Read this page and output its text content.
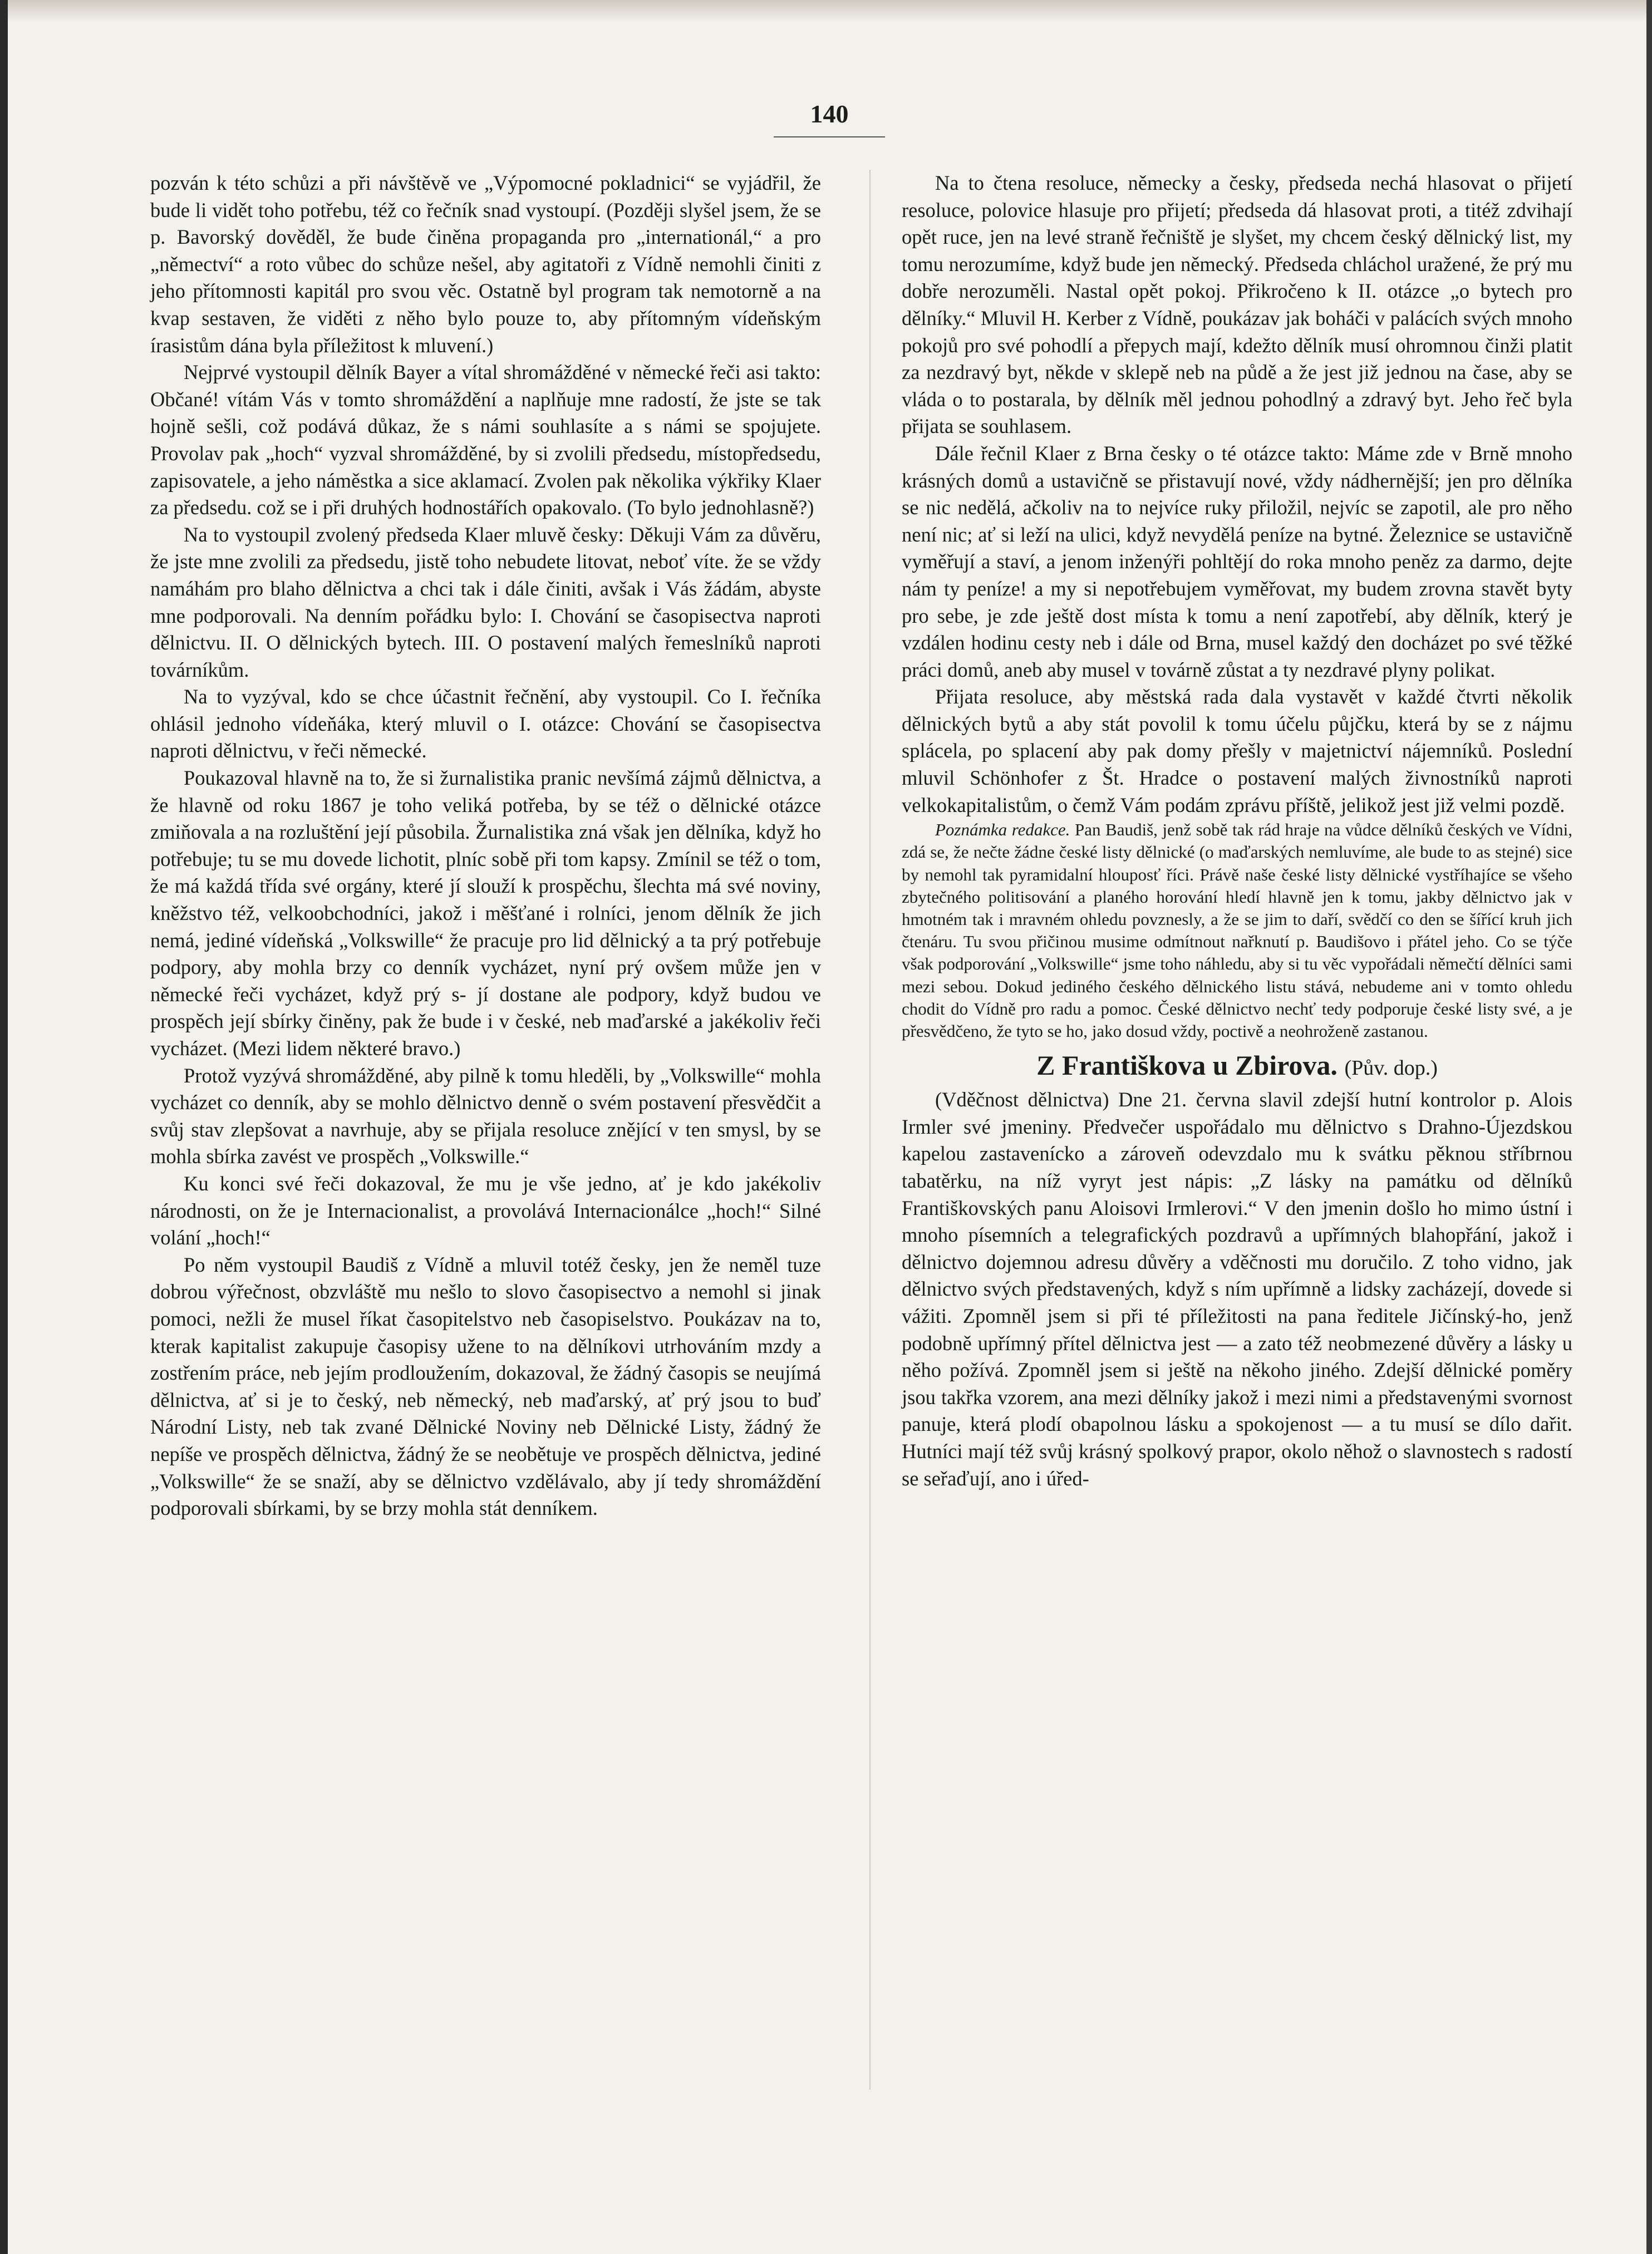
140

pozván k této schůzi a při návštěvě ve „Výpomocné pokladnici“ se vyjádřil, že bude li vidět toho potřebu, též co řečník snad vystoupí. (Později slyšel jsem, že se p. Bavorský dověděl, že bude činěna propaganda pro „internationál,“ a pro „němectví“ a roto vůbec do schůze nešel, aby agitatoři z Vídně nemohli činiti z jeho přítomnosti kapitál pro svou věc. Ostatně byl program tak nemotorně a na kvap sestaven, že viděti z něho bylo pouze to, aby přítomným vídeňským írasistům dána byla příležitost k mluvení.)

Nejprvé vystoupil dělník Bayer a vítal shromážděné v německé řeči asi takto: Občané! vítám Vás v tomto shromáždění a naplňuje mne radostí, že jste se tak hojně sešli, což podává důkaz, že s námi souhlasíte a s námi se spojujete. Provolav pak „hoch“ vyzval shromážděné, by si zvolili předsedu, místopředsedu, zapisovatele, a jeho náměstka a sice aklamací. Zvolen pak několika výkřiky Klaer za předsedu. což se i při druhých hodnostářích opakovalo. (To bylo jednohlasně?)

Na to vystoupil zvolený předseda Klaer mluvě česky: Děkuji Vám za důvěru, že jste mne zvolili za předsedu, jistě toho nebudete litovat, neboť víte. že se vždy namáhám pro blaho dělnictva a chci tak i dále činiti, avšak i Vás žádám, abyste mne podporovali. Na denním pořádku bylo: I. Chování se časopisectva naproti dělnictvu. II. O dělnických bytech. III. O postavení malých řemeslníků naproti továrníkům.

Na to vyzýval, kdo se chce účastnit řečnění, aby vystoupil. Co I. řečníka ohlásil jednoho vídeňáka, který mluvil o I. otázce: Chování se časopisectva naproti dělnictvu, v řeči německé.

Poukazoval hlavně na to, že si žurnalistika pranic nevšímá zájmů dělnictva, a že hlavně od roku 1867 je toho veliká potřeba, by se též o dělnické otázce zmiňovala a na rozluštění její působila. Žurnalistika zná však jen dělníka, když ho potřebuje; tu se mu dovede lichotit, plníc sobě při tom kapsy. Zmínil se též o tom, že má každá třída své orgány, které jí slouží k prospěchu, šlechta má své noviny, kněžstvo též, velkoobchodníci, jakož i měšťané i rolníci, jenom dělník že jich nemá, jediné vídeňská „Volkswille“ že pracuje pro lid dělnický a ta prý potřebuje podpory, aby mohla brzy co denník vycházet, nyní prý ovšem může jen v německé řeči vycházet, když prý s- jí dostane ale podpory, když budou ve prospěch její sbírky činěny, pak že bude i v české, neb maďarské a jakékoliv řeči vycházet. (Mezi lidem některé bravo.)

Protož vyzývá shromážděné, aby pilně k tomu hleděli, by „Volkswille“ mohla vycházet co denník, aby se mohlo dělnictvo denně o svém postavení přesvědčit a svůj stav zlepšovat a navrhuje, aby se přijala resoluce znějící v ten smysl, by se mohla sbírka zavést ve prospěch „Volkswille.“

Ku konci své řeči dokazoval, že mu je vše jedno, ať je kdo jakékoliv národnosti, on že je Internacionalist, a provolává Internacionálce „hoch!“ Silné volání „hoch!“

Po něm vystoupil Baudiš z Vídně a mluvil totéž česky, jen že neměl tuze dobrou výřečnost, obzvláště mu nešlo to slovo časopisectvo a nemohl si jinak pomoci, nežli že musel říkat časopitelstvo neb časopiselstvo. Poukázav na to, kterak kapitalist zakupuje časopisy užene to na dělníkovi utrhováním mzdy a zostřením práce, neb jejím prodloužením, dokazoval, že žádný časopis se neujímá dělnictva, ať si je to český, neb německý, neb maďarský, ať prý jsou to buď Národní Listy, neb tak zvané Dělnické Noviny neb Dělnické Listy, žádný že nepíše ve prospěch dělnictva, žádný že se neobětuje ve prospěch dělnictva, jediné „Volkswille“ že se snaží, aby se dělnictvo vzdělávalo, aby jí tedy shromáždění podporovali sbírkami, by se brzy mohla stát denníkem.

Na to čtena resoluce, německy a česky, předseda nechá hlasovat o přijetí resoluce, polovice hlasuje pro přijetí; předseda dá hlasovat proti, a titéž zdvihají opět ruce, jen na levé straně řečniště je slyšet, my chcem český dělnický list, my tomu nerozumíme, když bude jen německý. Předseda chláchol uražené, že prý mu dobře nerozuměli. Nastal opět pokoj. Přikročeno k II. otázce „o bytech pro dělníky.“ Mluvil H. Kerber z Vídně, poukázav jak boháči v palácích svých mnoho pokojů pro své pohodlí a přepych mají, kdežto dělník musí ohromnou činži platit za nezdravý byt, někde v sklepě neb na půdě a že jest již jednou na čase, aby se vláda o to postarala, by dělník měl jednou pohodlný a zdravý byt. Jeho řeč byla přijata se souhlasem.

Dále řečnil Klaer z Brna česky o té otázce takto: Máme zde v Brně mnoho krásných domů a ustavičně se přistavují nové, vždy nádhernější; jen pro dělníka se nic nedělá, ačkoliv na to nejvíce ruky přiložil, nejvíc se zapotil, ale pro něho není nic; ať si leží na ulici, když nevydělá peníze na bytné. Železnice se ustavičně vyměřují a staví, a jenom inženýři pohltějí do roka mnoho peněz za darmo, dejte nám ty peníze! a my si nepotřebujem vyměřovat, my budem zrovna stavět byty pro sebe, je zde ještě dost místa k tomu a není zapotřebí, aby dělník, který je vzdálen hodinu cesty neb i dále od Brna, musel každý den docházet po své těžké práci domů, aneb aby musel v továrně zůstat a ty nezdravé plyny polikat.

Přijata resoluce, aby městská rada dala vystavět v každé čtvrti několik dělnických bytů a aby stát povolil k tomu účelu půjčku, která by se z nájmu splácela, po splacení aby pak domy přešly v majetnictví nájemníků. Poslední mluvil Schönhofer z Št. Hradce o postavení malých živnostníků naproti velkokapitalistům, o čemž Vám podám zprávu příště, jelikož jest již velmi pozdě.

Poznámka redakce. Pan Baudiš, jenž sobě tak rád hraje na vůdce dělníků českých ve Vídni, zdá se, že nečte žádne české listy dělnické (o maďarských nemluvíme, ale bude to as stejné) sice by nemohl tak pyramidalní hlouposť říci. Právě naše české listy dělnické vystříhajíce se všeho zbytečného politisování a planého horování hledí hlavně jen k tomu, jakby dělnictvo jak v hmotném tak i mravném ohledu povznesly, a že se jim to daří, svědčí co den se šířící kruh jich čtenáru. Tu svou přičinou musime odmítnout nařknutí p. Baudišovo i přátel jeho. Co se týče však podporování „Volkswille“ jsme toho náhledu, aby si tu věc vypořádali němečtí dělníci sami mezi sebou. Dokud jediného českého dělnického listu stává, nebudeme ani v tomto ohledu chodit do Vídně pro radu a pomoc. České dělnictvo nechť tedy podporuje české listy své, a je přesvědčeno, že tyto se ho, jako dosud vždy, poctivě a neohroženě zastanou.

Z Františkova u Zbirova. (Pův. dop.)

(Vděčnost dělnictva) Dne 21. června slavil zdejší hutní kontrolor p. Alois Irmler své jmeniny. Předvečer uspořádalo mu dělnictvo s Drahno-Újezdskou kapelou zastavenícko a zároveň odevzdalo mu k svátku pěknou stříbrnou tabatěrku, na níž vyryt jest nápis: „Z lásky na památku od dělníků Františkovských panu Aloisovi Irmlerovi.“ V den jmenin došlo ho mimo ústní i mnoho písemních a telegrafických pozdravů a upřímných blahopřání, jakož i dělnictvo dojemnou adresu důvěry a vděčnosti mu doručilo. Z toho vidno, jak dělnictvo svých představených, když s ním upřímně a lidsky zacházejí, dovede si vážiti. Zpomněl jsem si při té příležitosti na pana ředitele Jičínský-ho, jenž podobně upřímný přítel dělnictva jest — a zato též neobmezené důvěry a lásky u něho požívá. Zpomněl jsem si ještě na někoho jiného. Zdejší dělnické poměry jsou takřka vzorem, ana mezi dělníky jakož i mezi nimi a představenými svornost panuje, která plodí obapolnou lásku a spokojenost — a tu musí se dílo dařit. Hutníci mají též svůj krásný spolkový prapor, okolo něhož o slavnostech s radostí se seřaďují, ano i úřed-
